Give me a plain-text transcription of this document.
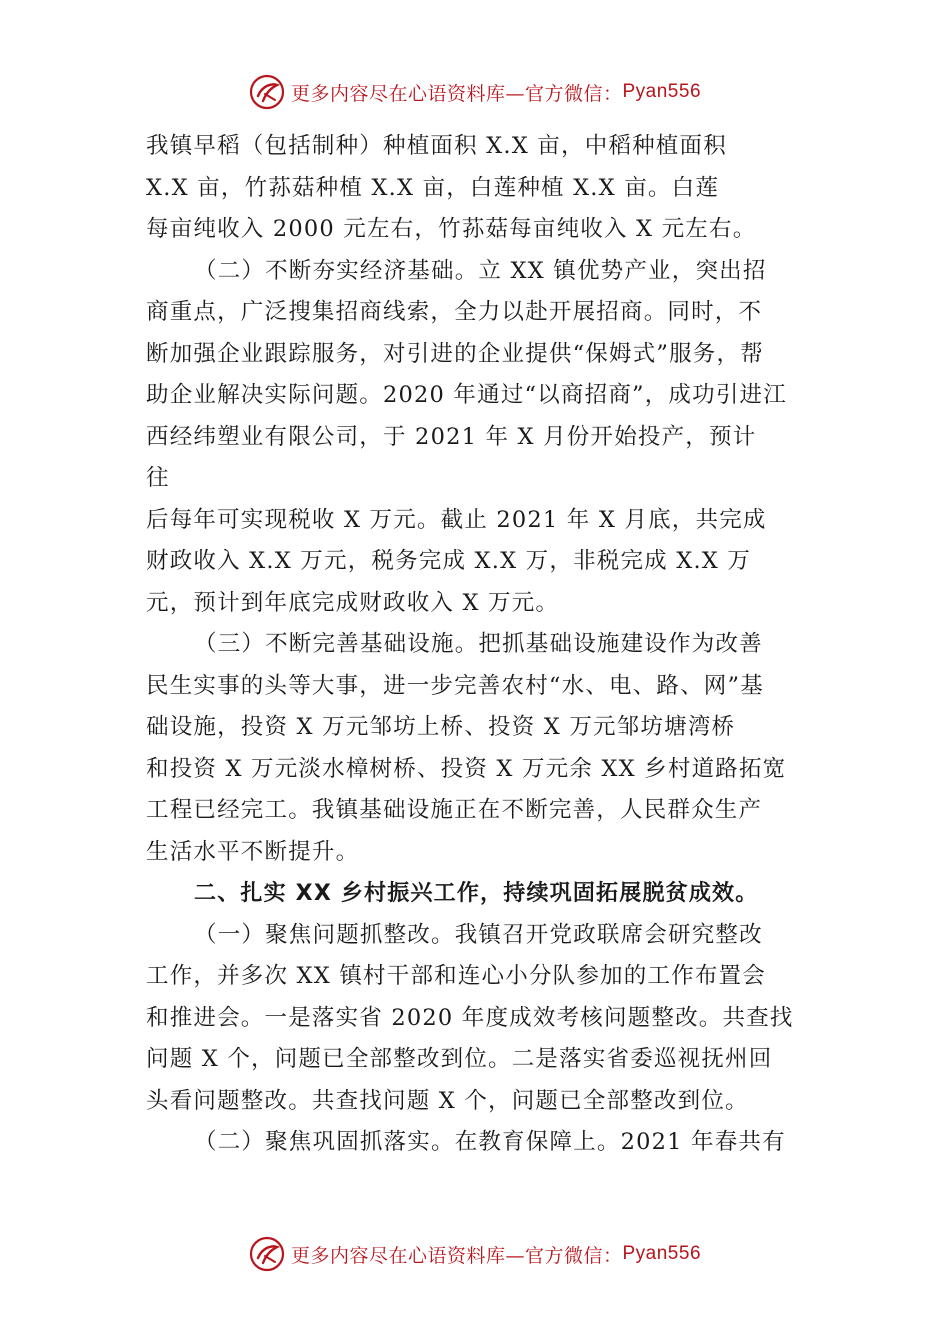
更多内容尽在心语资料库—官方微信： Pyan556
我镇早稻（包括制种）种植面积 X.X 亩，中稻种植面积
X.X 亩，竹荪菇种植 X.X 亩，白莲种植 X.X 亩。白莲
每亩纯收入 2000 元左右，竹荪菇每亩纯收入 X 元左右。
（二）不断夯实经济基础。立 XX 镇优势产业，突出招
商重点，广泛搜集招商线索，全力以赴开展招商。同时，不
断加强企业跟踪服务，对引进的企业提供“保姆式”服务，帮
助企业解决实际问题。2020 年通过“以商招商”，成功引进江
西经纬塑业有限公司，于 2021 年 X 月份开始投产，预计
往
后每年可实现税收 X 万元。截止 2021 年 X 月底，共完成
财政收入 X.X 万元，税务完成 X.X 万，非税完成 X.X 万
元，预计到年底完成财政收入 X 万元。
（三）不断完善基础设施。把抓基础设施建设作为改善
民生实事的头等大事，进一步完善农村“水、电、路、网”基
础设施，投资 X 万元邹坊上桥、投资 X 万元邹坊塘湾桥
和投资 X 万元淡水樟树桥、投资 X 万元余 XX 乡村道路拓宽
工程已经完工。我镇基础设施正在不断完善，人民群众生产
生活水平不断提升。
二、扎实 XX 乡村振兴工作，持续巩固拓展脱贫成效。
（一）聚焦问题抓整改。我镇召开党政联席会研究整改
工作，并多次 XX 镇村干部和连心小分队参加的工作布置会
和推进会。一是落实省 2020 年度成效考核问题整改。共查找
问题 X 个，问题已全部整改到位。二是落实省委巡视抚州回
头看问题整改。共查找问题 X 个，问题已全部整改到位。
（二）聚焦巩固抓落实。在教育保障上。2021 年春共有
更多内容尽在心语资料库—官方微信： Pyan556
